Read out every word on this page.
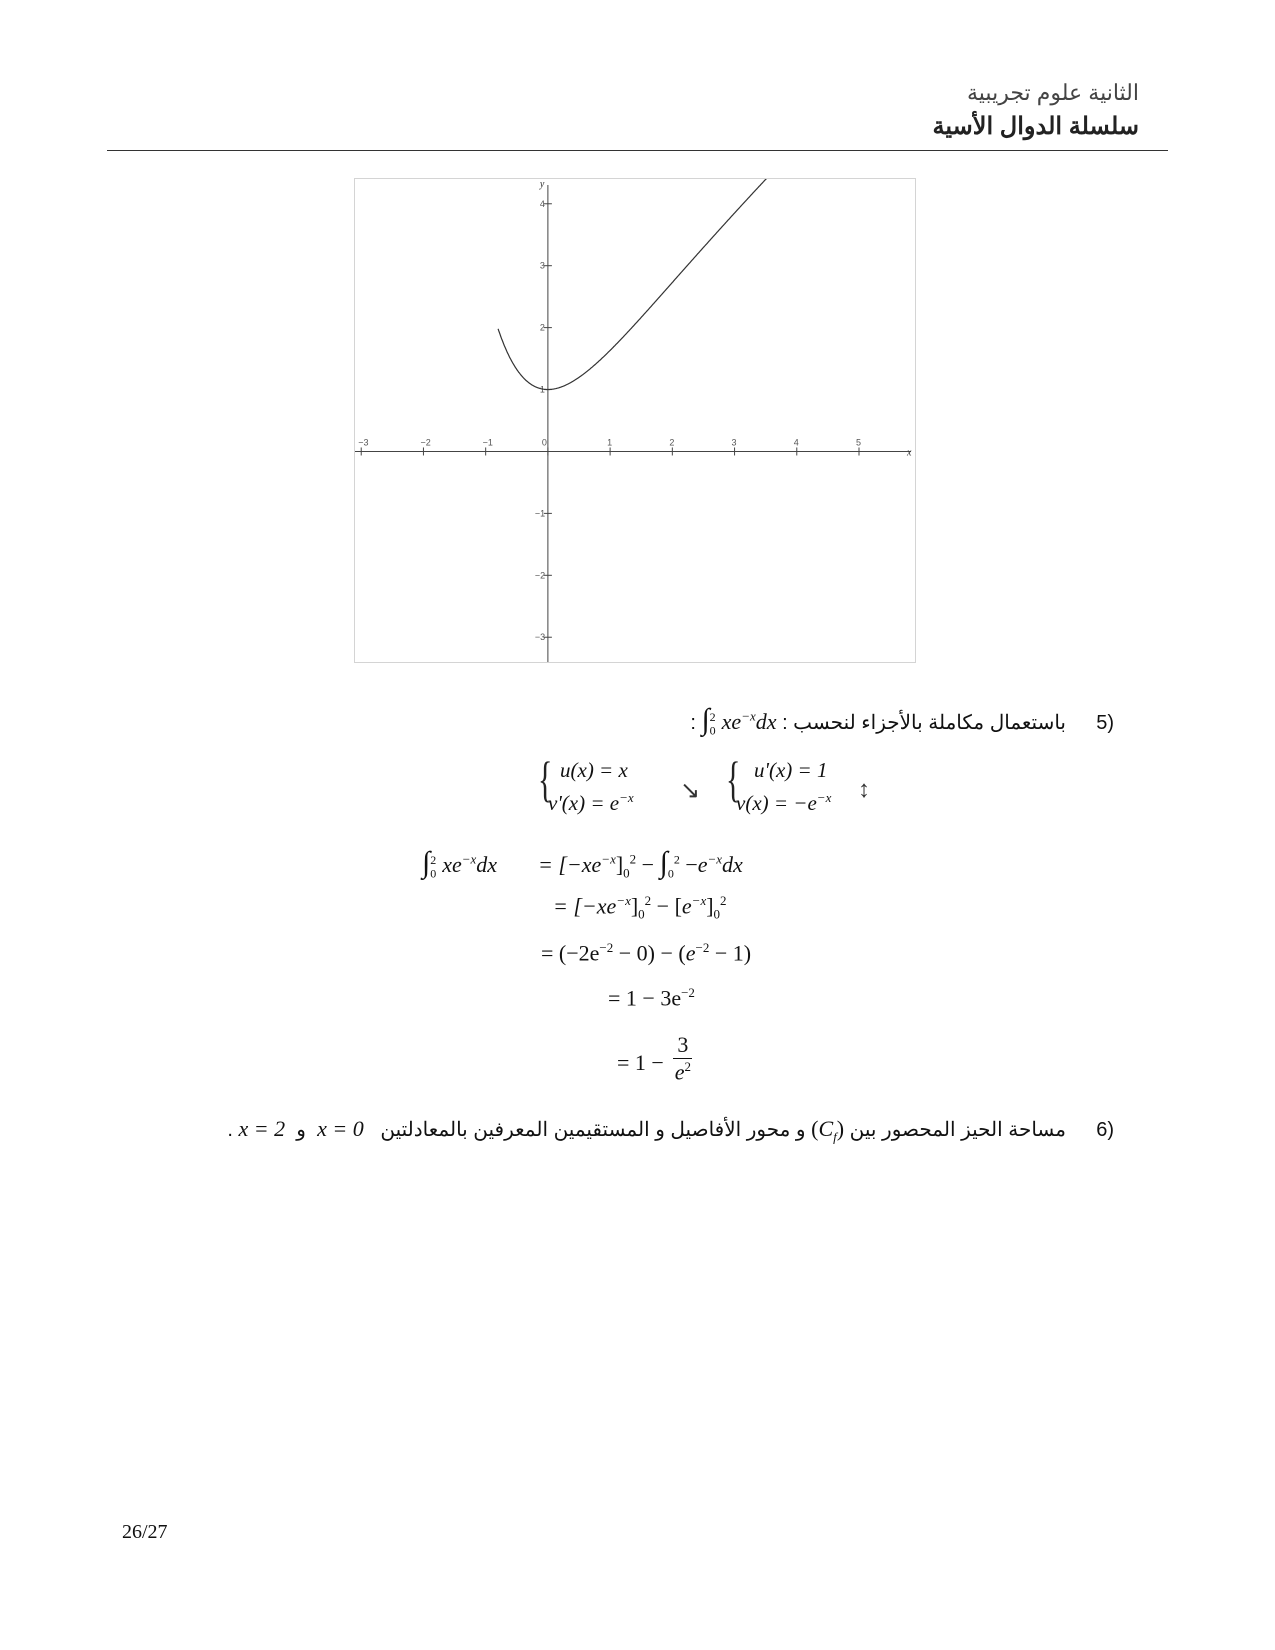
الثانية علوم تجريبية
سلسلة الدوال الأسية
−3	−2	−1	0	1	2	3	4	5
4
3
2
1
−1
−2
−3
x
y
5)باستعمال مكاملة بالأجزاء لنحسب : $\int_0^2$ $xe^{-x}dx$ :
{ u(x) = x
$v'(x) = e^{-x}$ ↘ { u'(x) = 1
$v(x) = -e^{-x}$ ↕
$\int_0^2$ $xe^{-x}dx = [-xe^{-x}]_0^2 - \int_0^2 -e^{-x}dx$
= $[-xe^{-x}]_0^2 - [e^{-x}]_0^2$
= $(-2e^{-2} - 0) - (e^{-2} - 1)$
= $1 - 3e^{-2}$
= $1 - \frac{3}{e^2}$
6)مساحة الحيز المحصور بين $(C_f)$ و محور الأفاصيل و المستقيمين المعرفين بالمعادلتين   x = 0  و  x = 2 .
26/27
